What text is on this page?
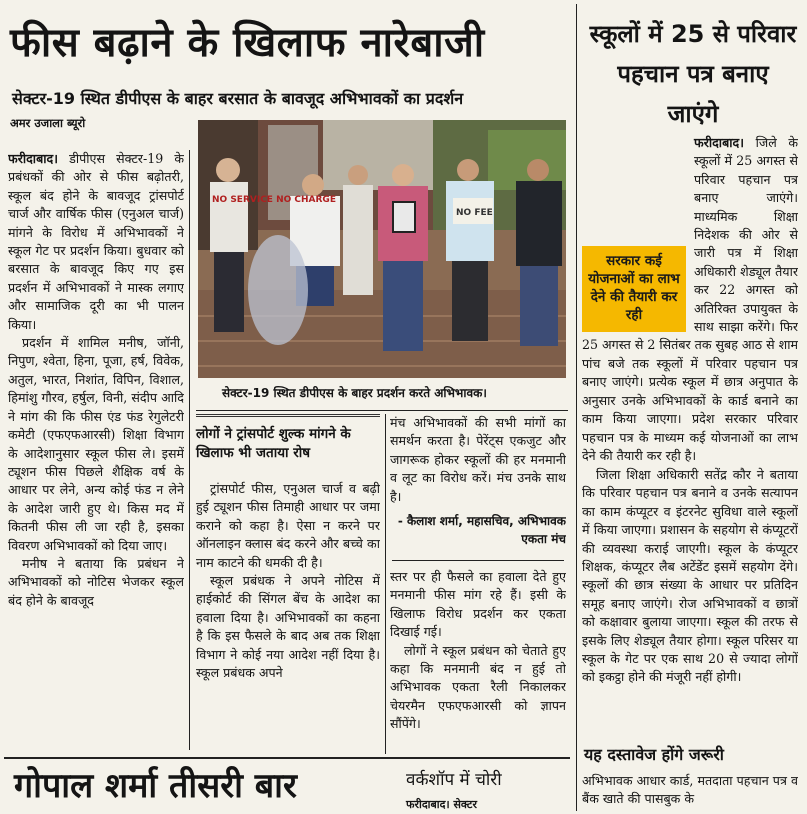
फीस बढ़ाने के खिलाफ नारेबाजी
सेक्टर-19 स्थित डीपीएस के बाहर बरसात के बावजूद अभिभावकों का प्रदर्शन
अमर उजाला ब्यूरो

फरीदाबाद। डीपीएस सेक्टर-19 के प्रबंधकों की ओर से फीस बढ़ोतरी, स्कूल बंद होने के बावजूद ट्रांसपोर्ट चार्ज और वार्षिक फीस (एनुअल चार्ज) मांगने के विरोध में अभिभावकों ने स्कूल गेट पर प्रदर्शन किया। बुधवार को बरसात के बावजूद किए गए इस प्रदर्शन में अभिभावकों ने मास्क लगाए और सामाजिक दूरी का भी पालन किया।

प्रदर्शन में शामिल मनीष, जॉनी, निपुण, श्वेता, हिना, पूजा, हर्ष, विवेक, अतुल, भारत, निशांत, विपिन, विशाल, हिमांशु गौरव, हर्षुल, विनी, संदीप आदि ने मांग की कि फीस एंड फंड रेगुलेटरी कमेटी (एफएफआरसी) शिक्षा विभाग के आदेशानुसार स्कूल फीस ले। इसमें ट्यूशन फीस पिछले शैक्षिक वर्ष के आधार पर लेने, अन्य कोई फंड न लेने के आदेश जारी हुए थे। किस मद में कितनी फीस ली जा रही है, इसका विवरण अभिभावकों को दिया जाए।

मनीष ने बताया कि प्रबंधन ने अभिभावकों को नोटिस भेजकर स्कूल बंद होने के बावजूद

NO SERVICE NO CHARGE
NO FEE
सेक्टर-19 स्थित डीपीएस के बाहर प्रदर्शन करते अभिभावक।
लोगों ने ट्रांसपोर्ट शुल्क मांगने के खिलाफ भी जताया रोष

ट्रांसपोर्ट फीस, एनुअल चार्ज व बढ़ी हुई ट्यूशन फीस तिमाही आधार पर जमा कराने को कहा है। ऐसा न करने पर ऑनलाइन क्लास बंद करने और बच्चे का नाम काटने की धमकी दी है।

स्कूल प्रबंधक ने अपने नोटिस में हाईकोर्ट की सिंगल बेंच के आदेश का हवाला दिया है। अभिभावकों का कहना है कि इस फैसले के बाद अब तक शिक्षा विभाग ने कोई नया आदेश नहीं दिया है। स्कूल प्रबंधक अपने

मंच अभिभावकों की सभी मांगों का समर्थन करता है। पेरेंट्स एकजुट और जागरूक होकर स्कूलों की हर मनमानी व लूट का विरोध करें। मंच उनके साथ है।

- कैलाश शर्मा, महासचिव, अभिभावक एकता मंच

स्तर पर ही फैसले का हवाला देते हुए मनमानी फीस मांग रहे हैं। इसी के खिलाफ विरोध प्रदर्शन कर एकता दिखाई गई।

लोगों ने स्कूल प्रबंधन को चेताते हुए कहा कि मनमानी बंद न हुई तो अभिभावक एकता रैली निकालकर चेयरमैन एफएफआरसी को ज्ञापन सौंपेंगे।

स्कूलों में 25 से परिवार पहचान पत्र बनाए जाएंगे
सरकार कई योजनाओं का लाभ देने की तैयारी कर रही

फरीदाबाद। जिले के स्कूलों में 25 अगस्त से परिवार पहचान पत्र बनाए जाएंगे। माध्यमिक शिक्षा निदेशक की ओर से जारी पत्र में शिक्षा अधिकारी शेड्यूल तैयार कर 22 अगस्त को अतिरिक्त उपायुक्त के साथ साझा करेंगे। फिर 25 अगस्त से 2 सितंबर तक सुबह आठ से शाम पांच बजे तक स्कूलों में परिवार पहचान पत्र बनाए जाएंगे। प्रत्येक स्कूल में छात्र अनुपात के अनुसार उनके अभिभावकों के कार्ड बनाने का काम किया जाएगा। प्रदेश सरकार परिवार पहचान पत्र के माध्यम कई योजनाओं का लाभ देने की तैयारी कर रही है।

जिला शिक्षा अधिकारी सतेंद्र कौर ने बताया कि परिवार पहचान पत्र बनाने व उनके सत्यापन का काम कंप्यूटर व इंटरनेट सुविधा वाले स्कूलों में किया जाएगा। प्रशासन के सहयोग से कंप्यूटरों की व्यवस्था कराई जाएगी। स्कूल के कंप्यूटर शिक्षक, कंप्यूटर लैब अटेंडेंट इसमें सहयोग देंगे। स्कूलों की छात्र संख्या के आधार पर प्रतिदिन समूह बनाए जाएंगे। रोज अभिभावकों व छात्रों को कक्षावार बुलाया जाएगा। स्कूल की तरफ से इसके लिए शेड्यूल तैयार होगा। स्कूल परिसर या स्कूल के गेट पर एक साथ 20 से ज्यादा लोगों को इकट्ठा होने की मंजूरी नहीं होगी।

यह दस्तावेज होंगे जरूरी

अभिभावक आधार कार्ड, मतदाता पहचान पत्र व बैंक खाते की पासबुक के

गोपाल शर्मा तीसरी बार	वर्कशॉप में चोरी
फरीदाबाद। सेक्टर
